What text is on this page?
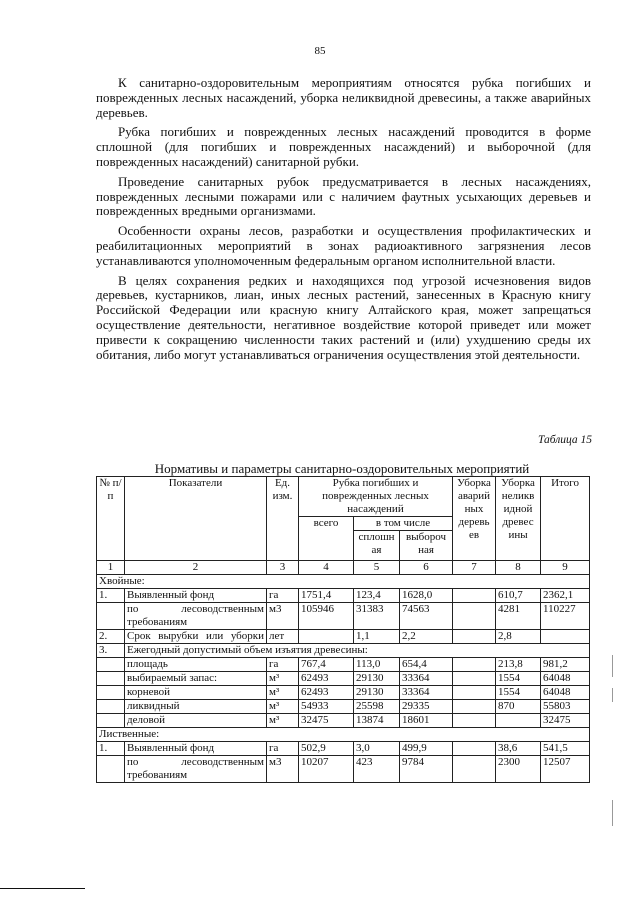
85

К санитарно-оздоровительным мероприятиям относятся рубка погибших и поврежденных лесных насаждений, уборка неликвидной древесины, а также аварийных деревьев.

Рубка погибших и поврежденных лесных насаждений проводится в форме сплошной (для погибших и поврежденных насаждений) и выборочной (для поврежденных насаждений) санитарной рубки.

Проведение санитарных рубок предусматривается в лесных насаждениях, поврежденных лесными пожарами или с наличием фаутных усыхающих деревьев и поврежденных вредными организмами.

Особенности охраны лесов, разработки и осуществления профилактических и реабилитационных мероприятий в зонах радиоактивного загрязнения лесов устанавливаются уполномоченным федеральным органом исполнительной власти.

В целях сохранения редких и находящихся под угрозой исчезновения видов деревьев, кустарников, лиан, иных лесных растений, занесенных в Красную книгу Российской Федерации или красную книгу Алтайского края, может запрещаться осуществление деятельности, негативное воздействие которой приведет или может привести к сокращению численности таких растений и (или) ухудшению среды их обитания, либо могут устанавливаться ограничения осуществления этой деятельности.

Таблица 15
Нормативы и параметры санитарно-оздоровительных мероприятий
№ п/п	Показатели	Ед. изм.	Рубка погибших и поврежденных лесных насаждений			Уборка аварий ных деревь ев	Уборка неликв идной древес ины	Итого
			всего	в том числе				
				сплошн ая	выбороч ная			
1	2	3	4	5	6	7	8	9
Хвойные:								
1.	Выявленный фонд	га	1751,4	123,4	1628,0		610,7	2362,1
	по лесоводственным требованиям	м3	105946	31383	74563		4281	110227
2.	Срок вырубки или уборки	лет		1,1	2,2		2,8	
3.	Ежегодный допустимый объем изъятия древесины:							
	площадь	га	767,4	113,0	654,4		213,8	981,2
	выбираемый запас:	м³	62493	29130	33364		1554	64048
	корневой	м³	62493	29130	33364		1554	64048
	ликвидный	м³	54933	25598	29335		870	55803
	деловой	м³	32475	13874	18601			32475
Лиственные:								
1.	Выявленный фонд	га	502,9	3,0	499,9		38,6	541,5
	по лесоводственным требованиям	м3	10207	423	9784		2300	12507
